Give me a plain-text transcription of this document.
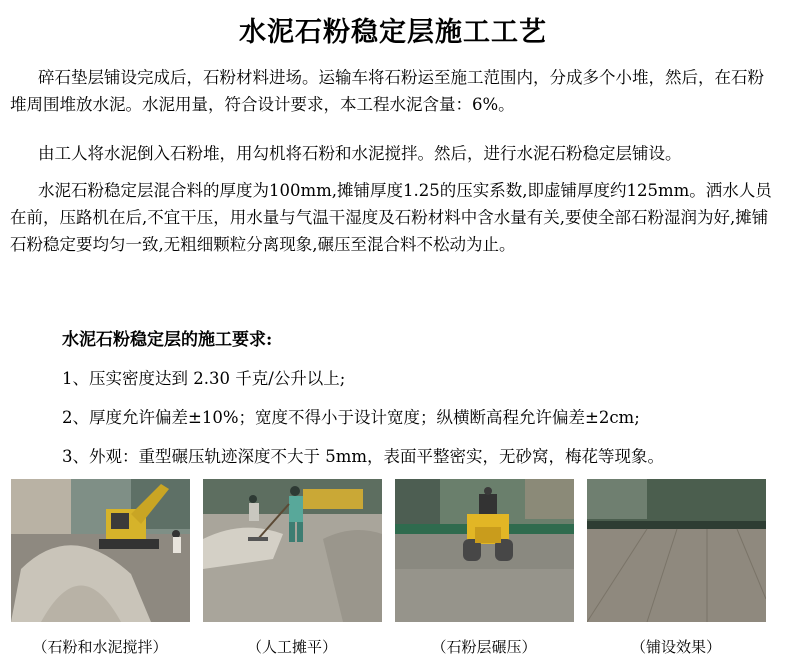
水泥石粉稳定层施工工艺

碎石垫层铺设完成后，石粉材料进场。运输车将石粉运至施工范围内，分成多个小堆，然后，在石粉堆周围堆放水泥。水泥用量，符合设计要求，本工程水泥含量：6%。

由工人将水泥倒入石粉堆，用勾机将石粉和水泥搅拌。然后，进行水泥石粉稳定层铺设。

水泥石粉稳定层混合料的厚度为100mm,摊铺厚度1.25的压实系数,即虚铺厚度约125mm。洒水人员在前，压路机在后,不宜干压，用水量与气温干湿度及石粉材料中含水量有关,要使全部石粉湿润为好,摊铺石粉稳定要均匀一致,无粗细颗粒分离现象,碾压至混合料不松动为止。

水泥石粉稳定层的施工要求:
1、压实密度达到 2.30 千克/公升以上;
2、厚度允许偏差±10%；宽度不得小于设计宽度；纵横断高程允许偏差±2cm;
3、外观：重型碾压轨迹深度不大于 5mm，表面平整密实，无砂窝，梅花等现象。
（石粉和水泥搅拌）	（人工摊平）	（石粉层碾压）	（铺设效果）
